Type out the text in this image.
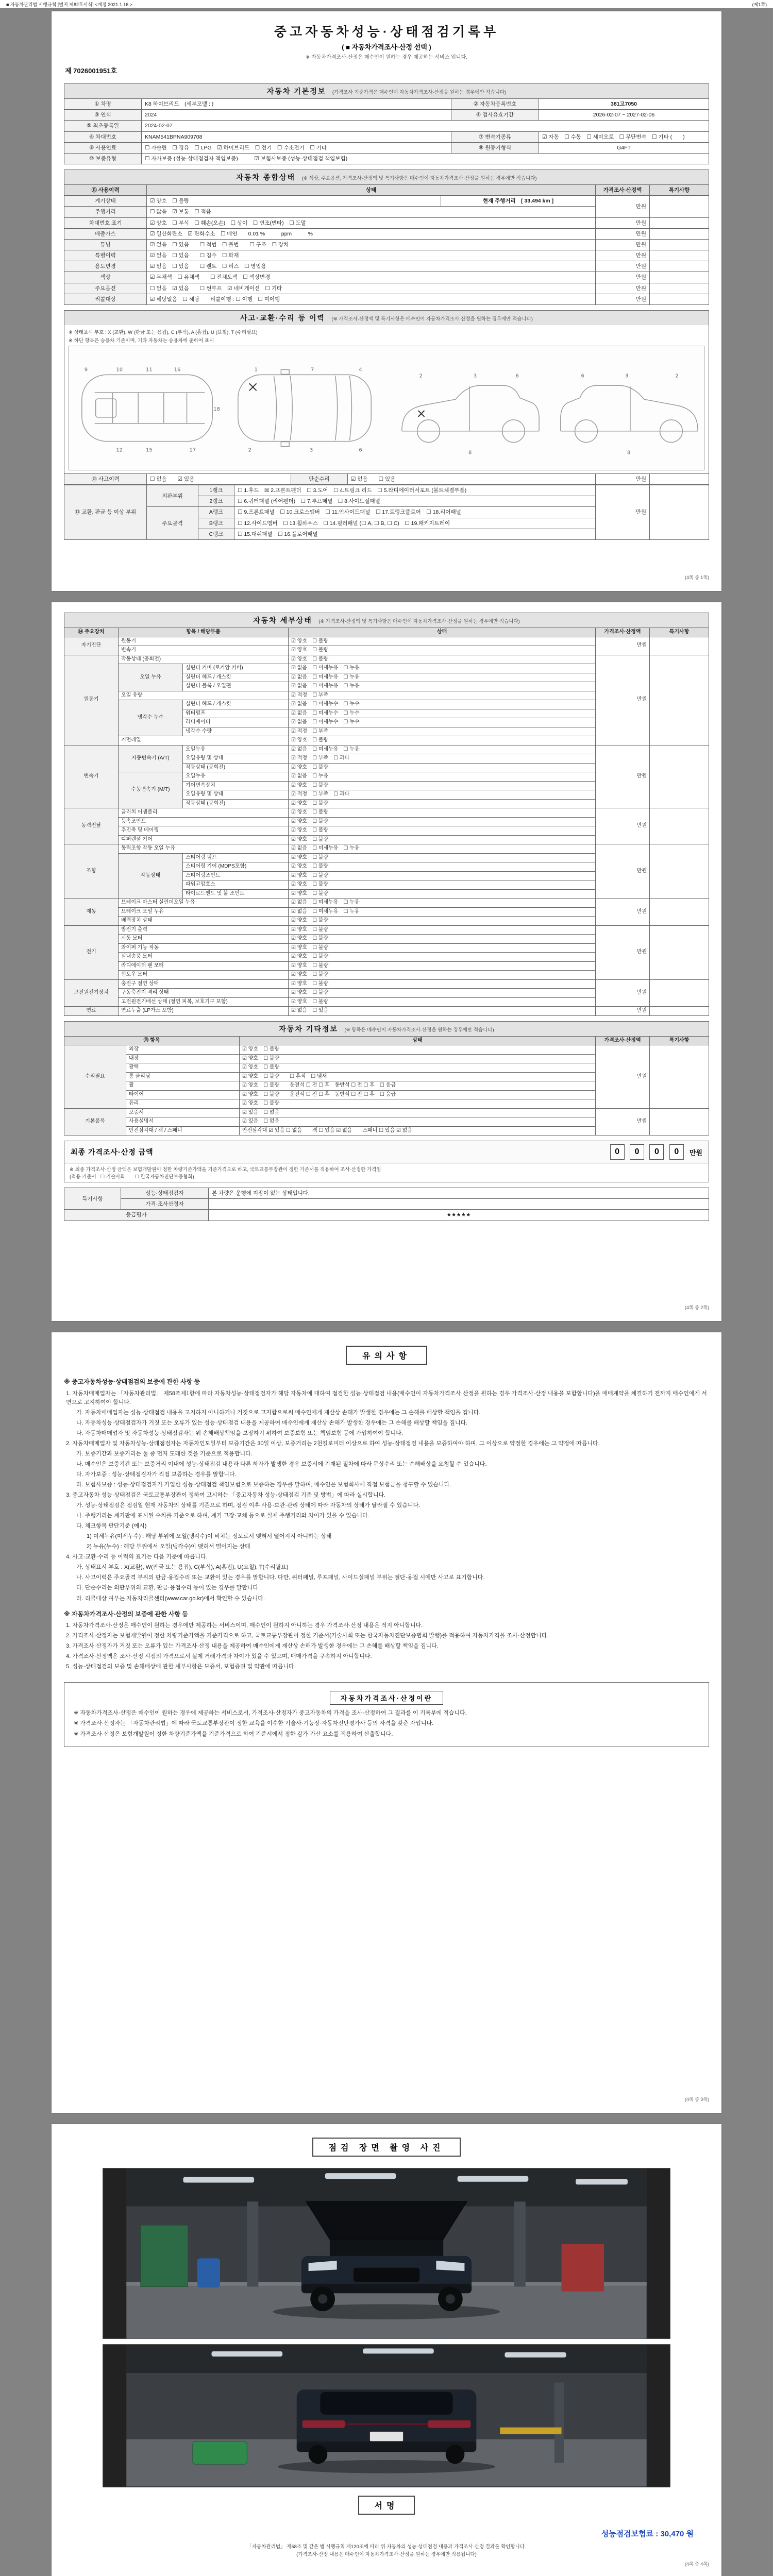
■ 자동차관리법 시행규칙 [별지 제82호서식] <개정 2021.1.16.>	(제1쪽)
중고자동차성능·상태점검기록부
( ■ 자동차가격조사·산정 선택 )
※ 자동차가격조사·산정은 매수인이 원하는 경우 제공하는 서비스 입니다.
제 7026001951호
자동차 기본정보 (가격조사 기준가격은 매수인이 자동차가격조사·산정을 원하는 경우에만 적습니다)
① 차명	K8 하이브리드　(세부모델 : )	② 자동차등록번호	381고7050
③ 연식	2024	④ 검사유효기간	2026-02-07 ~ 2027-02-06
⑤ 최초등록일	2024-02-07		
⑥ 차대번호	KNAM541BPNA909708	⑦ 변속기종류	☑ 자동　☐ 수동　☐ 세미오토　☐ 무단변속　☐ 기타 (　　)
⑧ 사용연료	☐ 가솔린　☐ 경유　☐ LPG　☑ 하이브리드　☐ 전기　☐ 수소전기　☐ 기타	⑨ 원동기형식	G4FT
⑩ 보증유형	☐ 자가보증 (성능·상태점검자 책임보증)　　　☑ 보험사보증 (성능·상태점검 책임보험)		
자동차 종합상태 (※ 색상, 주요옵션, 가격조사·산정액 및 특기사항은 매수인이 자동차가격조사·산정을 원하는 경우에만 적습니다)
⑪ 사용이력	상태		가격조사·산정액	특기사항
계기상태	☑ 양호　☐ 불량	현재 주행거리　[ 33,494 km ]	만원	
주행거리	☐ 많음　☑ 보통　☐ 적음			
차대번호 표기	☑ 양호　☐ 부식　☐ 훼손(오손)　☐ 상이　☐ 변조(변타)　☐ 도말		만원	
배출가스	☑ 일산화탄소　☑ 탄화수소　☐ 매연　　0.01 %　　　ppm　　　%		만원	
튜닝	☑ 없음　☐ 있음　　☐ 적법　☐ 불법　　☐ 구조　☐ 장치		만원	
특별이력	☑ 없음　☐ 있음　　☐ 침수　☐ 화재		만원	
용도변경	☑ 없음　☐ 있음　　☐ 렌트　☐ 리스　☐ 영업용		만원	
색상	☑ 무채색　☐ 유채색　　☐ 전체도색　☐ 색상변경		만원	
주요옵션	☐ 없음　☑ 있음　　☐ 썬루프　☑ 네비게이션　☐ 기타		만원	
리콜대상	☑ 해당없음　☐ 해당　　리콜이행 : ☐ 이행　☐ 미이행		만원	
사고·교환·수리 등 이력 (※ 가격조사·산정액 및 특기사항은 매수인이 자동차가격조사·산정을 원하는 경우에만 적습니다)
※ 상태표시 부호 : X (교환), W (판금 또는 용접), C (부식), A (흠집), U (요철), T (수리필요)
※ 하단 항목은 승용차 기준이며, 기타 자동차는 승용차에 준하여 표시
9	10	11
12	15
16
17
18
1	7	4
2	3	6
2	3	6
8
2
3
6
8
⑫ 사고이력	☐ 없음　　☑ 있음	단순수리	☑ 없음　　☐ 있음	만원	
⑬ 교환, 판금 등 이상 부위	외판부위	1랭크	☐ 1.후드　☒ 2.프론트펜더　☐ 3.도어　☐ 4.트렁크 리드　☐ 5.라디에이터서포트 (볼트체결부품)	만원	
		2랭크	☐ 6.쿼터패널 (리어펜더)　☐ 7.루프패널　☐ 8.사이드실패널		
	주요골격	A랭크	☐ 9.프론트패널　☐ 10.크로스멤버　☐ 11.인사이드패널　☐ 17.트렁크플로어　☐ 18.리어패널		
		B랭크	☐ 12.사이드멤버　☐ 13.휠하우스　☐ 14.필러패널 (☐ A, ☐ B, ☐ C)　☐ 19.패키지트레이		
		C랭크	☐ 15.대쉬패널　☐ 16.플로어패널		
(4쪽 중 1쪽)
자동차 세부상태 (※ 가격조사·산정액 및 특기사항은 매수인이 자동차가격조사·산정을 원하는 경우에만 적습니다)
⑭ 주요장치	항목 / 해당부품		상태	가격조사·산정액	특기사항
자기진단	원동기		☑ 양호　☐ 불량	만원	
	변속기		☑ 양호　☐ 불량		
원동기	작동상태 (공회전)		☑ 양호　☐ 불량	만원	
	오일 누유	실린더 커버 (로커암 커버)	☑ 없음　☐ 미세누유　☐ 누유		
		실린더 헤드 / 개스킷	☑ 없음　☐ 미세누유　☐ 누유		
		실린더 블록 / 오일팬	☑ 없음　☐ 미세누유　☐ 누유		
	오일 유량		☑ 적정　☐ 부족		
	냉각수 누수	실린더 헤드 / 개스킷	☑ 없음　☐ 미세누수　☐ 누수		
		워터펌프	☑ 없음　☐ 미세누수　☐ 누수		
		라디에이터	☑ 없음　☐ 미세누수　☐ 누수		
		냉각수 수량	☑ 적정　☐ 부족		
	커먼레일		☑ 양호　☐ 불량		
변속기	자동변속기 (A/T)	오일누유	☑ 없음　☐ 미세누유　☐ 누유	만원	
		오일유량 및 상태	☑ 적정　☐ 부족　☐ 과다		
		작동상태 (공회전)	☑ 양호　☐ 불량		
	수동변속기 (M/T)	오일누유	☑ 없음　☐ 누유		
		기어변속장치	☑ 양호　☐ 불량		
		오일유량 및 상태	☑ 적정　☐ 부족　☐ 과다		
		작동상태 (공회전)	☑ 양호　☐ 불량		
동력전달	클러치 어셈블리		☑ 양호　☐ 불량	만원	
	등속조인트		☑ 양호　☐ 불량		
	추진축 및 베어링		☑ 양호　☐ 불량		
	디퍼렌셜 기어		☑ 양호　☐ 불량		
조향	동력조향 작동 오일 누유		☑ 없음　☐ 미세누유　☐ 누유	만원	
	작동상태	스티어링 펌프	☑ 양호　☐ 불량		
		스티어링 기어 (MDPS포함)	☑ 양호　☐ 불량		
		스티어링조인트	☑ 양호　☐ 불량		
		파워고압호스	☑ 양호　☐ 불량		
		타이로드엔드 및 볼 조인트	☑ 양호　☐ 불량		
제동	브레이크 마스터 실린더오일 누유		☑ 없음　☐ 미세누유　☐ 누유	만원	
	브레이크 오일 누유		☑ 없음　☐ 미세누유　☐ 누유		
	배력장치 상태		☑ 양호　☐ 불량		
전기	발전기 출력		☑ 양호　☐ 불량	만원	
	시동 모터		☑ 양호　☐ 불량		
	와이퍼 기능 작동		☑ 양호　☐ 불량		
	실내송풍 모터		☑ 양호　☐ 불량		
	라디에이터 팬 모터		☑ 양호　☐ 불량		
	윈도우 모터		☑ 양호　☐ 불량		
고전원전기장치	충전구 절연 상태		☑ 양호　☐ 불량	만원	
	구동축전지 격리 상태		☑ 양호　☐ 불량		
	고전원전기배선 상태 (절연 피복, 보호기구 포함)		☑ 양호　☐ 불량		
연료	연료누출 (LP가스 포함)		☑ 없음　☐ 있음	만원	
자동차 기타정보 (※ 항목은 매수인이 자동차가격조사·산정을 원하는 경우에만 적습니다)
⑮ 항목		상태	가격조사·산정액	특기사항
수리필요	외장	☑ 양호　☐ 불량	만원	
	내장	☑ 양호　☐ 불량		
	광택	☑ 양호　☐ 불량		
	룸 클리닝	☑ 양호　☐ 불량　　☐ 흔적　☐ 냄새		
	휠	☑ 양호　☐ 불량　　운전석 ☐ 전 ☐ 후　동반석 ☐ 전 ☐ 후　☐ 응급		
	타이어	☑ 양호　☐ 불량　　운전석 ☐ 전 ☐ 후　동반석 ☐ 전 ☐ 후　☐ 응급		
	유리	☑ 양호　☐ 불량		
기본품목	보증서	☑ 있음　☐ 없음	만원	
	사용설명서	☑ 있음　☐ 없음		
	안전삼각대 / 잭 / 스패너	안전삼각대 ☑ 있음 ☐ 없음　　잭 ☐ 있음 ☑ 없음　　스패너 ☐ 있음 ☑ 없음		
최종 가격조사·산정 금액	0 0 0 0	만원
※ 최종 가격조사·산정 금액은 보험개발원이 정한 차량기준가액을 기준가격으로 하고, 국토교통부장관이 정한 기준서를 적용하여 조사·산정한 가격임
(적용 기준서 : ☐ 기술사회　　☐ 한국자동차진단보증협회)
특기사항	성능·상태점검자	본 차량은 운행에 지장이 없는 상태입니다.
	가격·조사산정자	
등급평가		★★★★★
(4쪽 중 2쪽)
유의사항
※ 중고자동차성능·상태점검의 보증에 관한 사항 등
1. 자동차매매업자는 「자동차관리법」 제58조제1항에 따라 자동차성능·상태점검자가 해당 자동차에 대하여 점검한 성능·상태점검 내용(매수인이 자동차가격조사·산정을 원하는 경우 가격조사·산정 내용을 포함합니다)을 매매계약을 체결하기 전까지 매수인에게 서면으로 고지하여야 합니다.
가. 자동차매매업자는 성능·상태점검 내용을 고지하지 아니하거나 거짓으로 고지함으로써 매수인에게 재산상 손해가 발생한 경우에는 그 손해를 배상할 책임을 집니다.
나. 자동차성능·상태점검자가 거짓 또는 오류가 있는 성능·상태점검 내용을 제공하여 매수인에게 재산상 손해가 발생한 경우에는 그 손해를 배상할 책임을 집니다.
다. 자동차매매업자 및 자동차성능·상태점검자는 위 손해배상책임을 보장하기 위하여 보증보험 또는 책임보험 등에 가입하여야 합니다.
2. 자동차매매업자 및 자동차성능·상태점검자는 자동차인도일부터 보증기간은 30일 이상, 보증거리는 2천킬로미터 이상으로 하여 성능·상태점검 내용을 보증하여야 하며, 그 이상으로 약정한 경우에는 그 약정에 따릅니다.
가. 보증기간과 보증거리는 둘 중 먼저 도래한 것을 기준으로 적용합니다.
나. 매수인은 보증기간 또는 보증거리 이내에 성능·상태점검 내용과 다른 하자가 발생한 경우 보증서에 기재된 절차에 따라 무상수리 또는 손해배상을 요청할 수 있습니다.
다. 자가보증 : 성능·상태점검자가 직접 보증하는 경우를 말합니다.
라. 보험사보증 : 성능·상태점검자가 가입한 성능·상태점검 책임보험으로 보증하는 경우를 말하며, 매수인은 보험회사에 직접 보험금을 청구할 수 있습니다.
3. 중고자동차 성능·상태점검은 국토교통부장관이 정하여 고시하는 「중고자동차 성능·상태점검 기준 및 방법」에 따라 실시합니다.
가. 성능·상태점검은 점검일 현재 자동차의 상태를 기준으로 하며, 점검 이후 사용·보관·관리 상태에 따라 자동차의 상태가 달라질 수 있습니다.
나. 주행거리는 계기판에 표시된 수치를 기준으로 하며, 계기 고장·교체 등으로 실제 주행거리와 차이가 있을 수 있습니다.
다. 체크항목 판단기준 (예시)
1) 미세누유(미세누수) : 해당 부위에 오일(냉각수)이 비치는 정도로서 맺혀서 떨어지지 아니하는 상태
2) 누유(누수) : 해당 부위에서 오일(냉각수)이 맺혀서 떨어지는 상태
4. 사고·교환·수리 등 이력의 표기는 다음 기준에 따릅니다.
가. 상태표시 부호 : X(교환), W(판금 또는 용접), C(부식), A(흠집), U(요철), T(수리필요)
나. 사고이력은 주요골격 부위의 판금·용접수리 또는 교환이 있는 경우를 말합니다. 다만, 쿼터패널, 루프패널, 사이드실패널 부위는 절단·용접 시에만 사고로 표기합니다.
다. 단순수리는 외판부위의 교환, 판금·용접수리 등이 있는 경우를 말합니다.
라. 리콜대상 여부는 자동차리콜센터(www.car.go.kr)에서 확인할 수 있습니다.
※ 자동차가격조사·산정의 보증에 관한 사항 등
1. 자동차가격조사·산정은 매수인이 원하는 경우에만 제공하는 서비스이며, 매수인이 원하지 아니하는 경우 가격조사·산정 내용은 적지 아니합니다.
2. 가격조사·산정자는 보험개발원이 정한 차량기준가액을 기준가격으로 하고, 국토교통부장관이 정한 기준서(기술사회 또는 한국자동차진단보증협회 발행)를 적용하여 자동차가격을 조사·산정합니다.
3. 가격조사·산정자가 거짓 또는 오류가 있는 가격조사·산정 내용을 제공하여 매수인에게 재산상 손해가 발생한 경우에는 그 손해를 배상할 책임을 집니다.
4. 가격조사·산정액은 조사·산정 시점의 가격으로서 실제 거래가격과 차이가 있을 수 있으며, 매매가격을 구속하지 아니합니다.
5. 성능·상태점검의 보증 및 손해배상에 관한 세부사항은 보증서, 보험증권 및 약관에 따릅니다.
자동차가격조사·산정이란
※ 자동차가격조사·산정은 매수인이 원하는 경우에 제공하는 서비스로서, 가격조사·산정자가 중고자동차의 가격을 조사·산정하여 그 결과를 이 기록부에 적습니다.
※ 가격조사·산정자는 「자동차관리법」에 따라 국토교통부장관이 정한 교육을 이수한 기술사·기능장·자동차진단평가사 등의 자격을 갖춘 자입니다.
※ 가격조사·산정은 보험개발원이 정한 차량기준가액을 기준가격으로 하여 기준서에서 정한 감가·가산 요소를 적용하여 산출합니다.
(4쪽 중 3쪽)
점검 장면 촬영 사진
서명
성능점검보험료 : 30,470 원
「자동차관리법」 제58조 및 같은 법 시행규칙 제120조에 따라 위 자동차의 성능·상태점검 내용과 가격조사·산정 결과를 확인합니다.
(가격조사·산정 내용은 매수인이 자동차가격조사·산정을 원하는 경우에만 적용됩니다)
(4쪽 중 4쪽)
